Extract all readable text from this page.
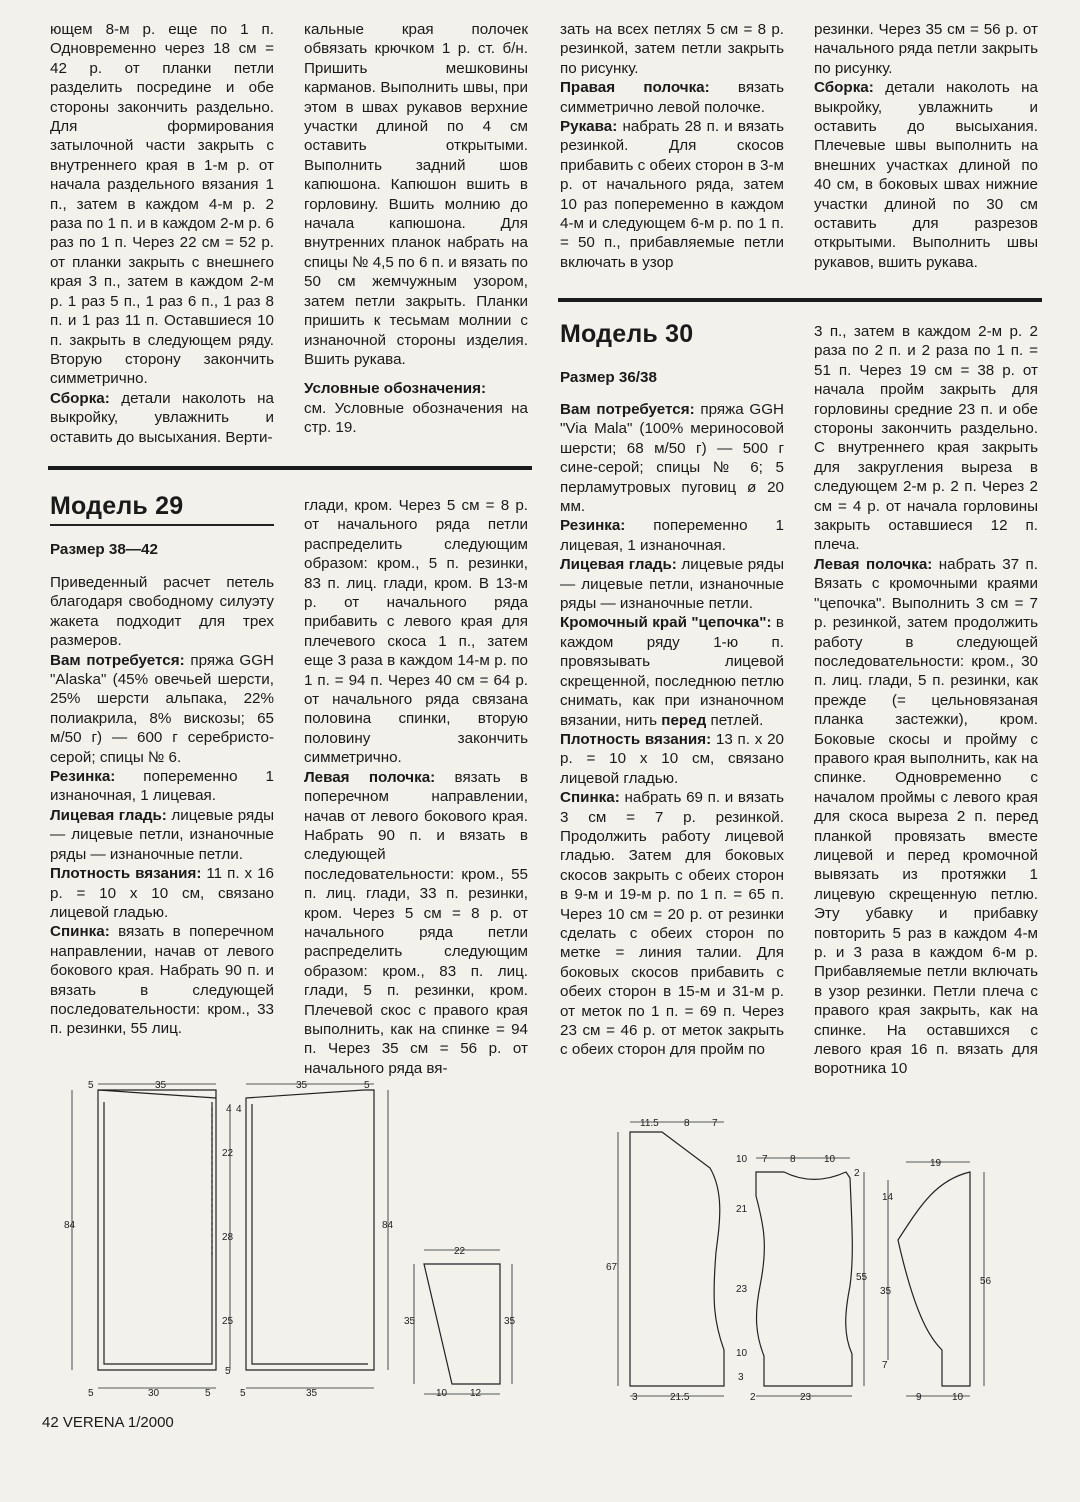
ющем 8-м р. еще по 1 п. Одновременно через 18 см = 42 р. от планки петли разделить посредине и обе стороны закончить раздельно. Для формирования затылочной части закрыть с внутреннего края в 1-м р. от начала раздельного вязания 1 п., затем в каждом 4-м р. 2 раза по 1 п. и в каждом 2-м р. 6 раз по 1 п. Через 22 см = 52 р. от планки закрыть с внешнего края 3 п., затем в каждом 2-м р. 1 раз 5 п., 1 раз 6 п., 1 раз 8 п. и 1 раз 11 п. Оставшиеся 10 п. закрыть в следующем ряду. Вторую сторону закончить симметрично.

Сборка: детали наколоть на выкройку, увлажнить и оставить до высыхания. Верти-

кальные края полочек обвязать крючком 1 р. ст. б/н. Пришить мешковины карманов. Выполнить швы, при этом в швах рукавов верхние участки длиной по 4 см оставить открытыми. Выполнить задний шов капюшона. Капюшон вшить в горловину. Вшить молнию до начала капюшона. Для внутренних планок набрать на спицы № 4,5 по 6 п. и вязать по 50 см жемчужным узором, затем петли закрыть. Планки пришить к тесьмам молнии с изнаночной стороны изделия. Вшить рукава.

Условные обозначения:
см. Условные обозначения на стр. 19.

зать на всех петлях 5 см = 8 р. резинкой, затем петли закрыть по рисунку.

Правая полочка: вязать симметрично левой полочке.

Рукава: набрать 28 п. и вязать резинкой. Для скосов прибавить с обеих сторон в 3-м р. от начального ряда, затем 10 раз попеременно в каждом 4-м и следующем 6-м р. по 1 п. = 50 п., прибавляемые петли включать в узор

резинки. Через 35 см = 56 р. от начального ряда петли закрыть по рисунку.

Сборка: детали наколоть на выкройку, увлажнить и оставить до высыхания. Плечевые швы выполнить на внешних участках длиной по 40 см, в боковых швах нижние участки длиной по 30 см оставить для разрезов открытыми. Выполнить швы рукавов, вшить рукава.

Модель 29

Размер 38—42

Приведенный расчет петель благодаря свободному силуэту жакета подходит для трех размеров.

Вам потребуется: пряжа GGH "Alaska" (45% овечьей шерсти, 25% шерсти альпака, 22% полиакрила, 8% вискозы; 65 м/50 г) — 600 г серебристо-серой; спицы № 6.

Резинка: попеременно 1 изнаночная, 1 лицевая.

Лицевая гладь: лицевые ряды — лицевые петли, изнаночные ряды — изнаночные петли.

Плотность вязания: 11 п. x 16 р. = 10 x 10 см, связано лицевой гладью.

Спинка: вязать в поперечном направлении, начав от левого бокового края. Набрать 90 п. и вязать в следующей последовательности: кром., 33 п. резинки, 55 лиц.

глади, кром. Через 5 см = 8 р. от начального ряда петли распределить следующим образом: кром., 5 п. резинки, 83 п. лиц. глади, кром. В 13-м р. от начального ряда прибавить с левого края для плечевого скоса 1 п., затем еще 3 раза в каждом 14-м р. по 1 п. = 94 п. Через 40 см = 64 р. от начального ряда связана половина спинки, вторую половину закончить симметрично.

Левая полочка: вязать в поперечном направлении, начав от левого бокового края. Набрать 90 п. и вязать в следующей последовательности: кром., 55 п. лиц. глади, 33 п. резинки, кром. Через 5 см = 8 р. от начального ряда петли распределить следующим образом: кром., 83 п. лиц. глади, 5 п. резинки, кром. Плечевой скос с правого края выполнить, как на спинке = 94 п. Через 35 см = 56 р. от начального ряда вя-

Модель 30

Размер 36/38

Вам потребуется: пряжа GGH "Via Mala" (100% мериносовой шерсти; 68 м/50 г) — 500 г сине-серой; спицы № 6; 5 перламутровых пуговиц ø 20 мм.

Резинка: попеременно 1 лицевая, 1 изнаночная.

Лицевая гладь: лицевые ряды — лицевые петли, изнаночные ряды — изнаночные петли.

Кромочный край "цепочка": в каждом ряду 1-ю п. провязывать лицевой скрещенной, последнюю петлю снимать, как при изнаночном вязании, нить перед петлей.

Плотность вязания: 13 п. x 20 р. = 10 x 10 см, связано лицевой гладью.

Спинка: набрать 69 п. и вязать 3 см = 7 р. резинкой. Продолжить работу лицевой гладью. Затем для боковых скосов закрыть с обеих сторон в 9-м и 19-м р. по 1 п. = 65 п. Через 10 см = 20 р. от резинки сделать с обеих сторон по метке = линия талии. Для боковых скосов прибавить с обеих сторон в 15-м и 31-м р. от меток по 1 п. = 69 п. Через 23 см = 46 р. от меток закрыть с обеих сторон для пройм по

3 п., затем в каждом 2-м р. 2 раза по 2 п. и 2 раза по 1 п. = 51 п. Через 19 см = 38 р. от начала пройм закрыть для горловины средние 23 п. и обе стороны закончить раздельно. С внутреннего края закрыть для закругления выреза в следующем 2-м р. 2 п. Через 2 см = 4 р. от начала горловины закрыть оставшиеся 12 п. плеча.

Левая полочка: набрать 37 п. Вязать с кромочными краями "цепочка". Выполнить 3 см = 7 р. резинкой, затем продолжить работу в следующей последовательности: кром., 30 п. лиц. глади, 5 п. резинки, как прежде (= цельновязаная планка застежки), кром. Боковые скосы и пройму с правого края выполнить, как на спинке. Одновременно с началом проймы с левого края для скоса выреза 2 п. перед планкой провязать вместе лицевой и перед кромочной вывязать из протяжки 1 лицевую скрещенную петлю. Эту убавку и прибавку повторить 5 раз в каждом 4-м р. и 3 раза в каждом 6-м р. Прибавляемые петли включать в узор резинки. Петли плеча с правого края закрыть, как на спинке. На оставшихся с левого края 16 п. вязать для воротника 10

5	35
5	30	5
84
4
22
28
25
5
35	5
5	35
84
4
22
35	35
10 12
11.5	8 7
67
3	21.5
10 7 8	10
21
23
10
3
2
55
2	23
19
14
35
7
56
9	10
42 VERENA 1/2000
